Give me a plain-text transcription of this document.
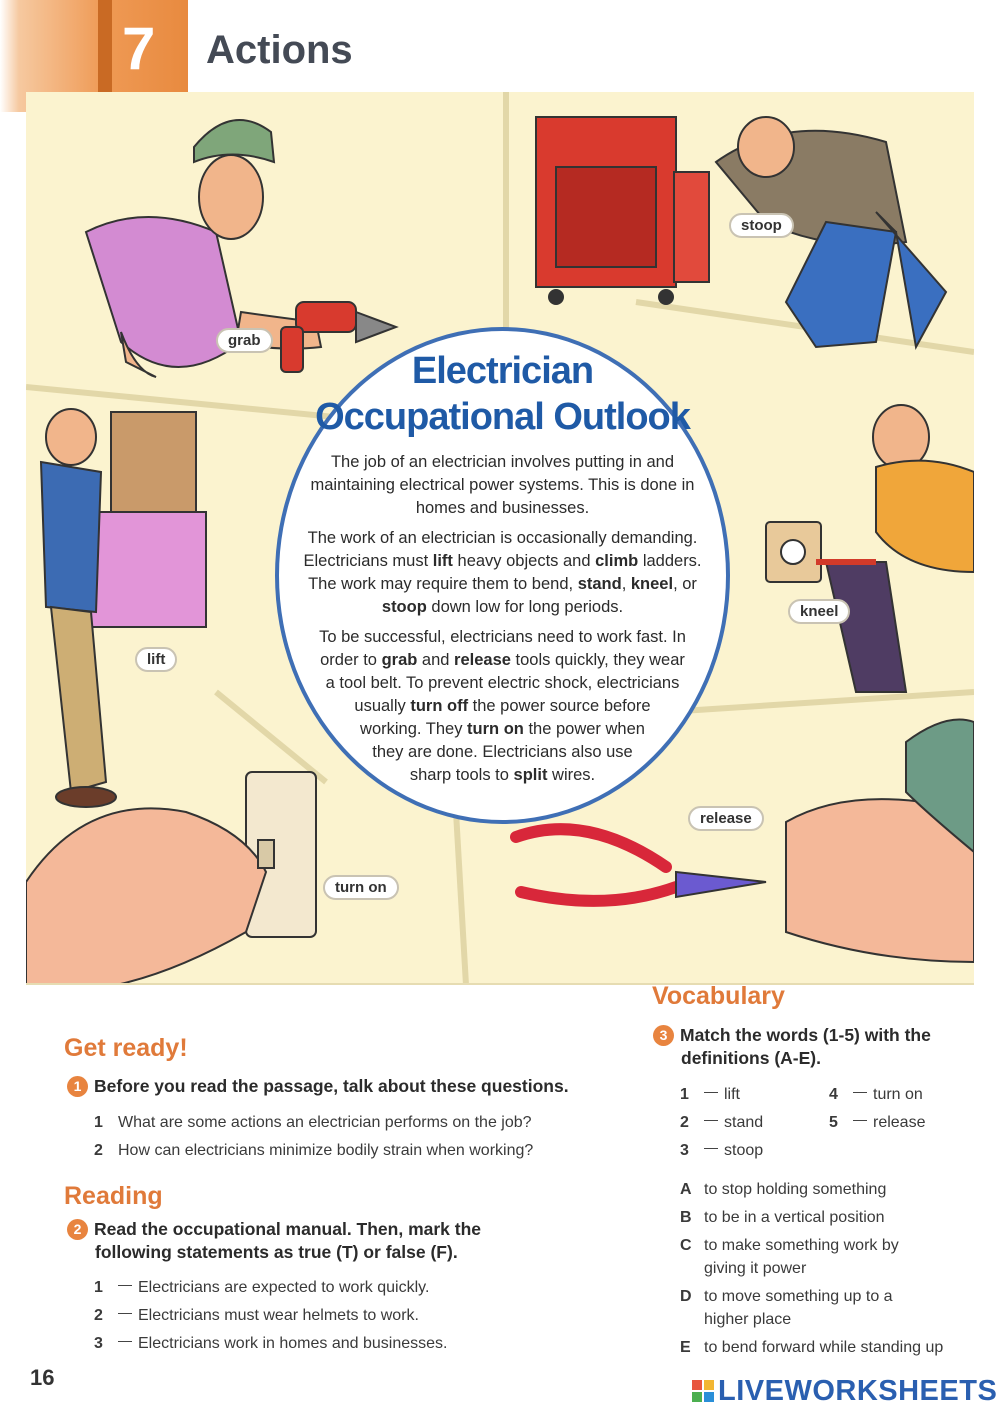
7 Actions
grab
stoop
lift
kneel
turn on
release
Electrician
Occupational Outlook
The job of an electrician involves putting in and
maintaining electrical power systems. This is done in
homes and businesses.
The work of an electrician is occasionally demanding.
Electricians must lift heavy objects and climb ladders.
The work may require them to bend, stand, kneel, or
stoop down low for long periods.
To be successful, electricians need to work fast. In
order to grab and release tools quickly, they wear
a tool belt. To prevent electric shock, electricians
usually turn off the power source before
working. They turn on the power when
they are done. Electricians also use
sharp tools to split wires.
Get ready!
1 Before you read the passage, talk about these questions.
1 What are some actions an electrician performs on the job?
2 How can electricians minimize bodily strain when working?
Reading
2 Read the occupational manual. Then, mark the
following statements as true (T) or false (F).
1 Electricians are expected to work quickly.
2 Electricians must wear helmets to work.
3 Electricians work in homes and businesses.
Vocabulary
3 Match the words (1-5) with the
definitions (A-E).
1 lift
2 stand
3 stoop
4 turn on
5 release
A to stop holding something
B to be in a vertical position
C to make something work by
giving it power
D to move something up to a
higher place
E to bend forward while standing up
16	LIVEWORKSHEETS
